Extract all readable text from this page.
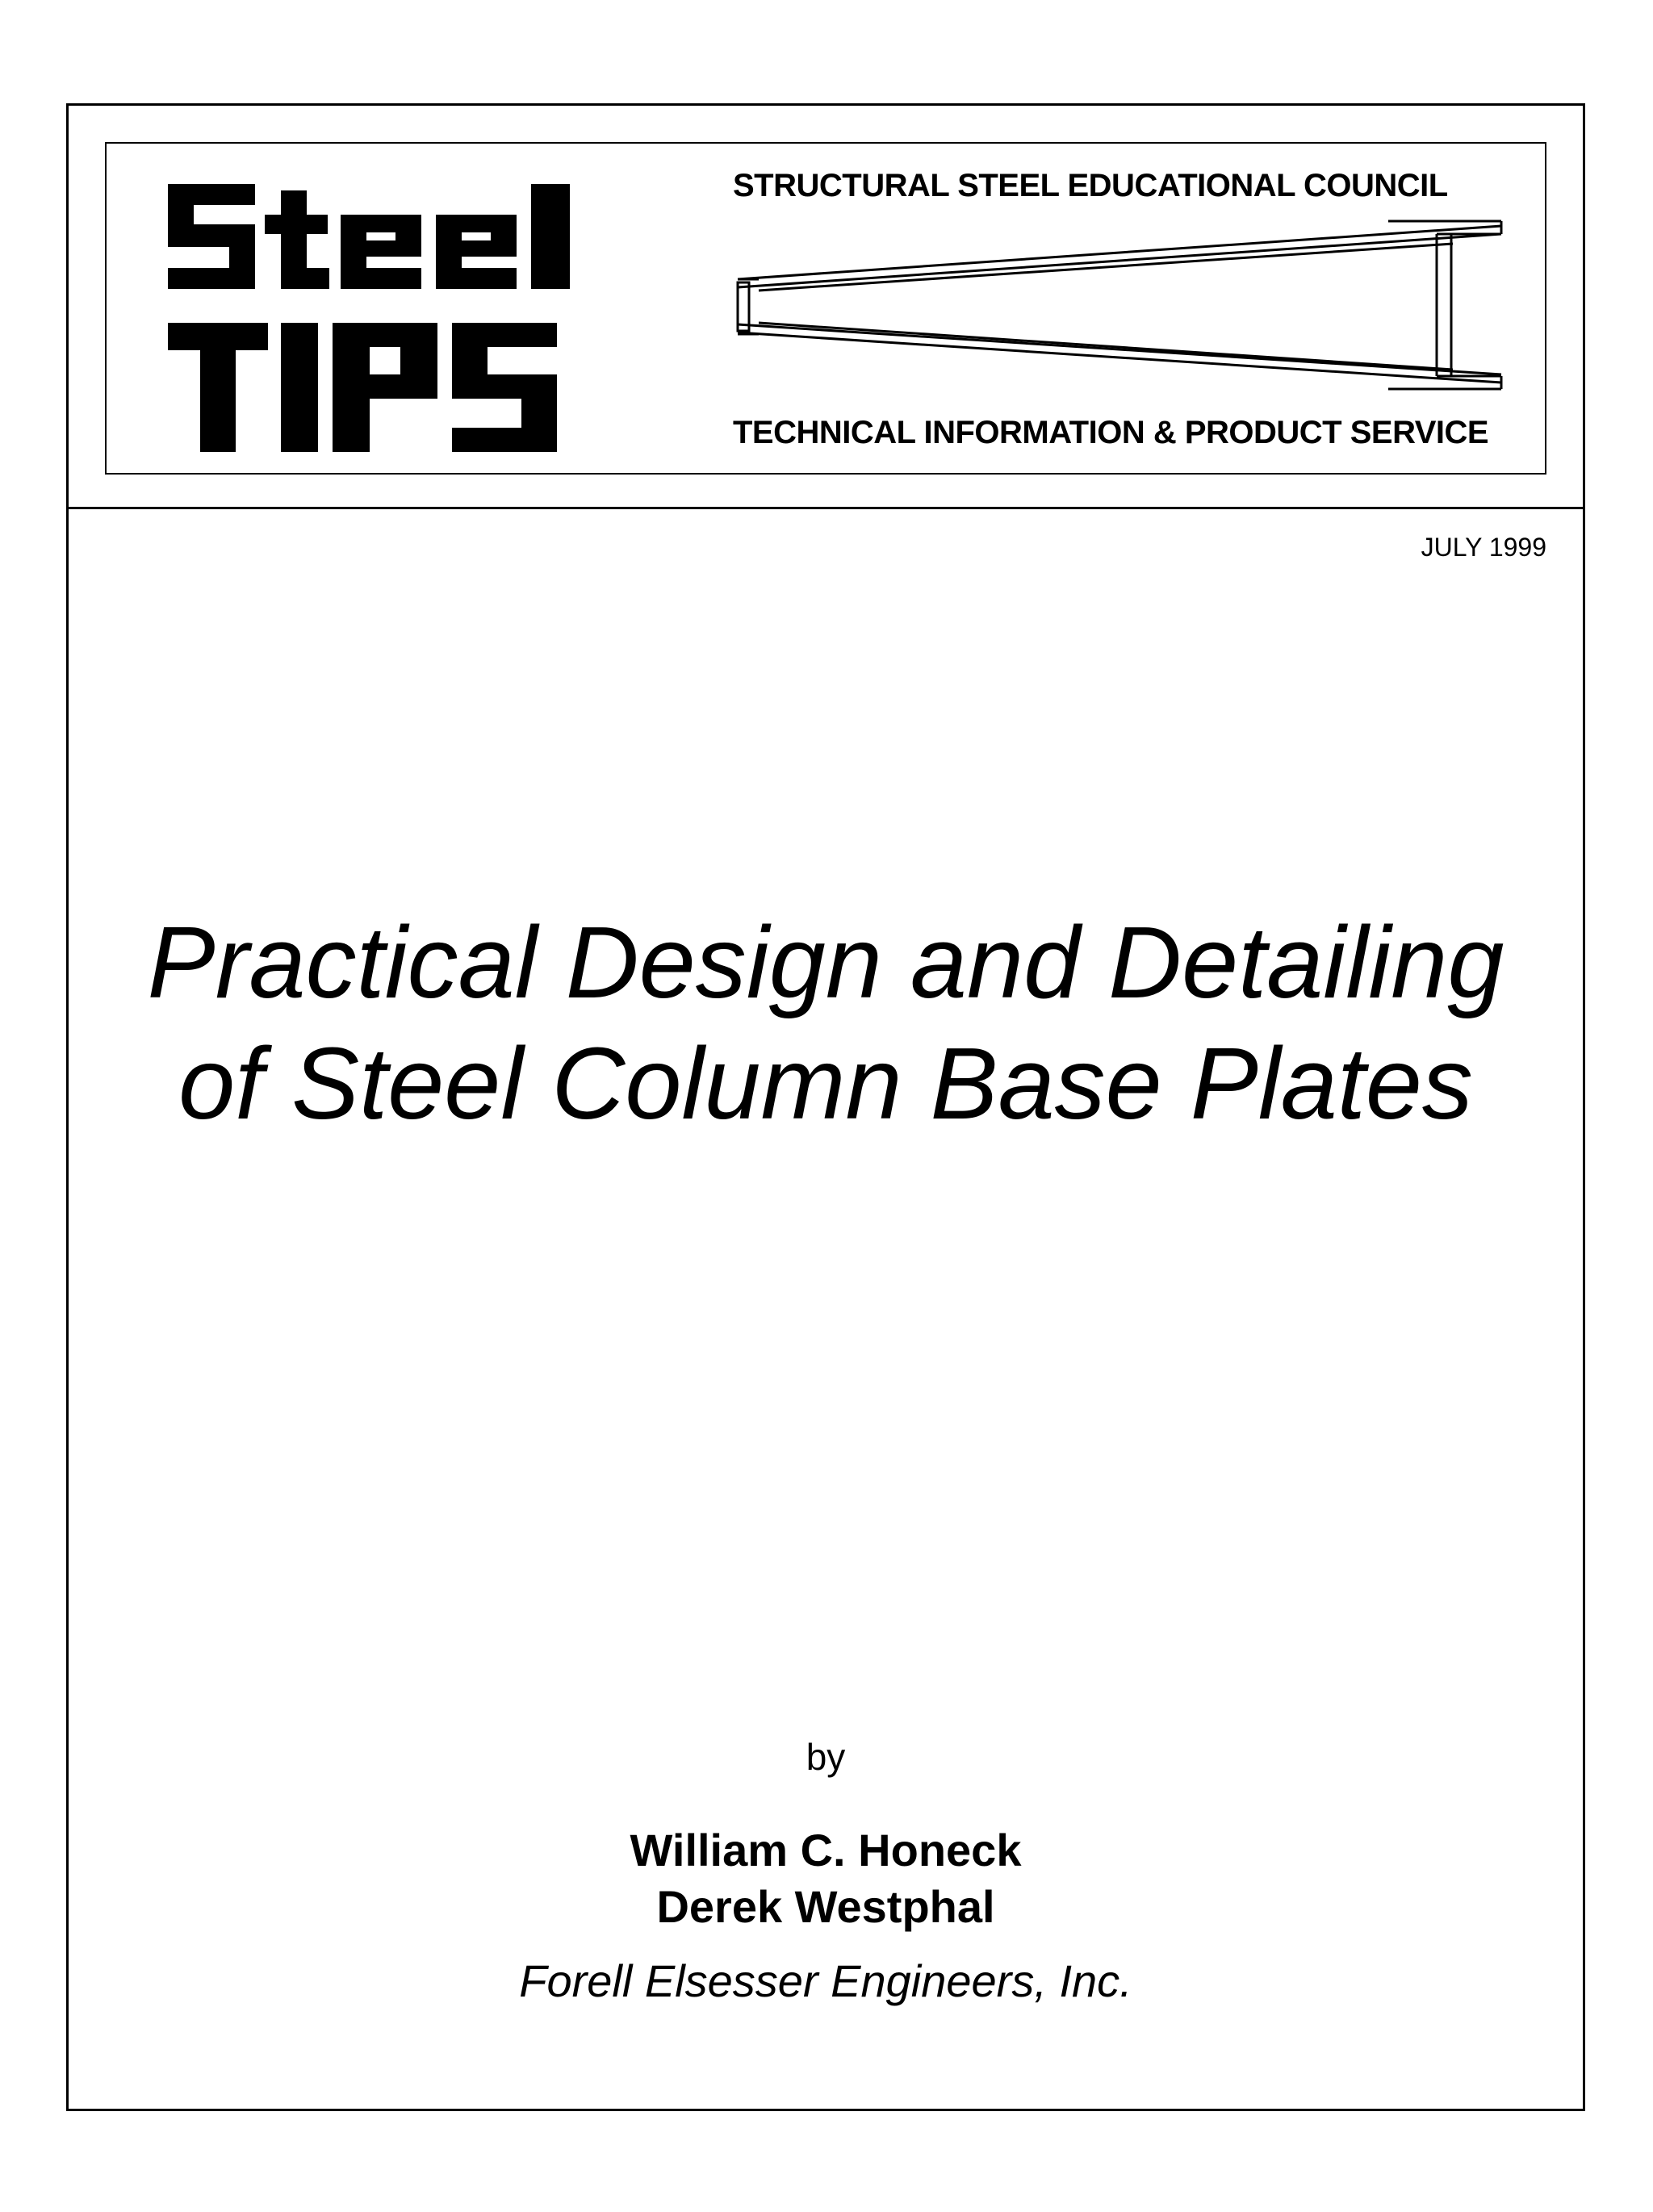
STRUCTURAL STEEL EDUCATIONAL COUNCIL
TECHNICAL INFORMATION & PRODUCT SERVICE
JULY 1999
Practical Design and Detailing
of Steel Column Base Plates
by
William C. Honeck
Derek Westphal
Forell Elsesser Engineers, Inc.
